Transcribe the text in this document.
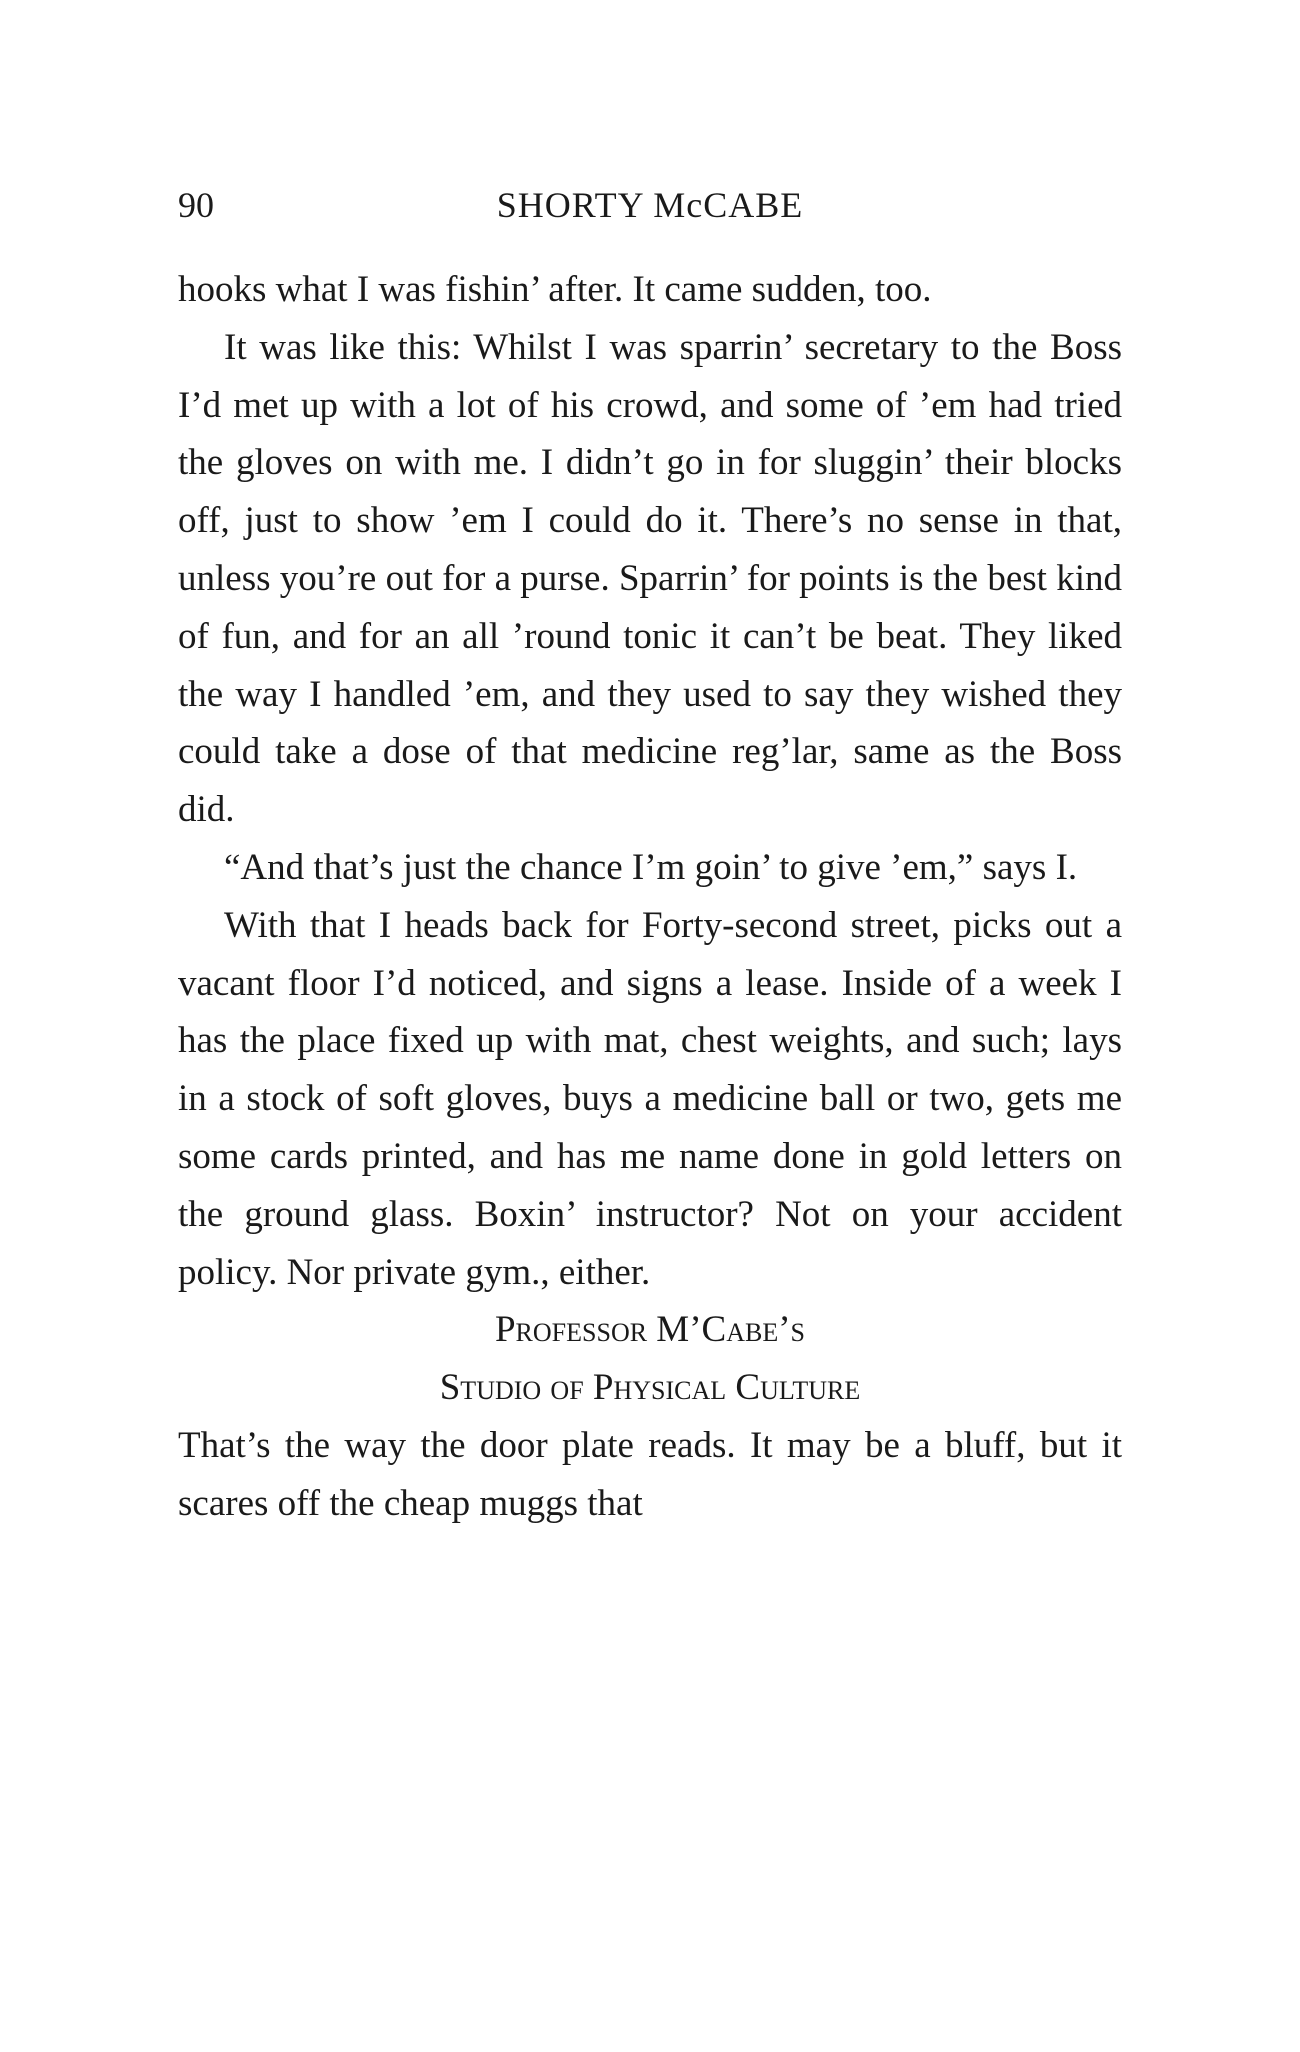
90	SHORTY McCABE

hooks what I was fishin’ after. It came sudden, too.

It was like this: Whilst I was sparrin’ secretary to the Boss I’d met up with a lot of his crowd, and some of ’em had tried the gloves on with me. I didn’t go in for sluggin’ their blocks off, just to show ’em I could do it. There’s no sense in that, unless you’re out for a purse. Sparrin’ for points is the best kind of fun, and for an all ’round tonic it can’t be beat. They liked the way I handled ’em, and they used to say they wished they could take a dose of that medicine reg’lar, same as the Boss did.

“And that’s just the chance I’m goin’ to give ’em,” says I.

With that I heads back for Forty-second street, picks out a vacant floor I’d noticed, and signs a lease. Inside of a week I has the place fixed up with mat, chest weights, and such; lays in a stock of soft gloves, buys a medicine ball or two, gets me some cards printed, and has me name done in gold letters on the ground glass. Boxin’ instructor? Not on your accident policy. Nor private gym., either.

Professor M’Cabe’s
Studio of Physical Culture

That’s the way the door plate reads. It may be a bluff, but it scares off the cheap muggs that
